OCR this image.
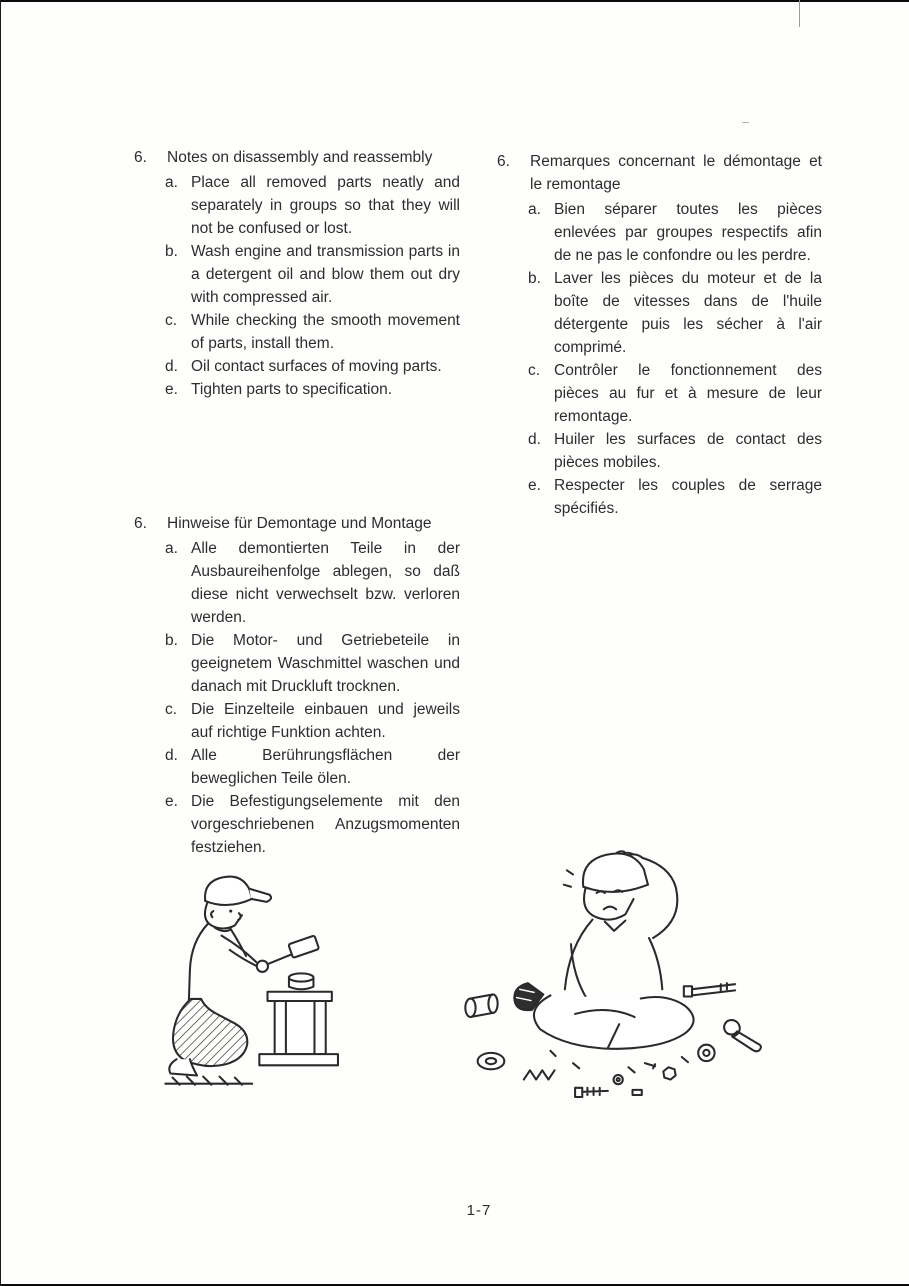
6.	Notes on disassembly and reassembly
a. Place all removed parts neatly and separately in groups so that they will not be confused or lost.
b. Wash engine and transmission parts in a detergent oil and blow them out dry with compressed air.
c. While checking the smooth movement of parts, install them.
d. Oil contact surfaces of moving parts.
e. Tighten parts to specification.
6.	Remarques concernant le démontage et le remontage
a. Bien séparer toutes les pièces enlevées par groupes respectifs afin de ne pas le confondre ou les perdre.
b. Laver les pièces du moteur et de la boîte de vitesses dans de l'huile détergente puis les sécher à l'air comprimé.
c. Contrôler le fonctionnement des pièces au fur et à mesure de leur remontage.
d. Huiler les surfaces de contact des pièces mobiles.
e. Respecter les couples de serrage spécifiés.
6.	Hinweise für Demontage und Montage
a. Alle demontierten Teile in der Ausbaureihenfolge ablegen, so daß diese nicht verwechselt bzw. verloren werden.
b. Die Motor- und Getriebeteile in geeignetem Waschmittel waschen und danach mit Druckluft trocknen.
c. Die Einzelteile einbauen und jeweils auf richtige Funktion achten.
d. Alle Berührungsflächen der beweglichen Teile ölen.
e. Die Befestigungselemente mit den vorgeschriebenen Anzugsmomenten festziehen.
1-7
